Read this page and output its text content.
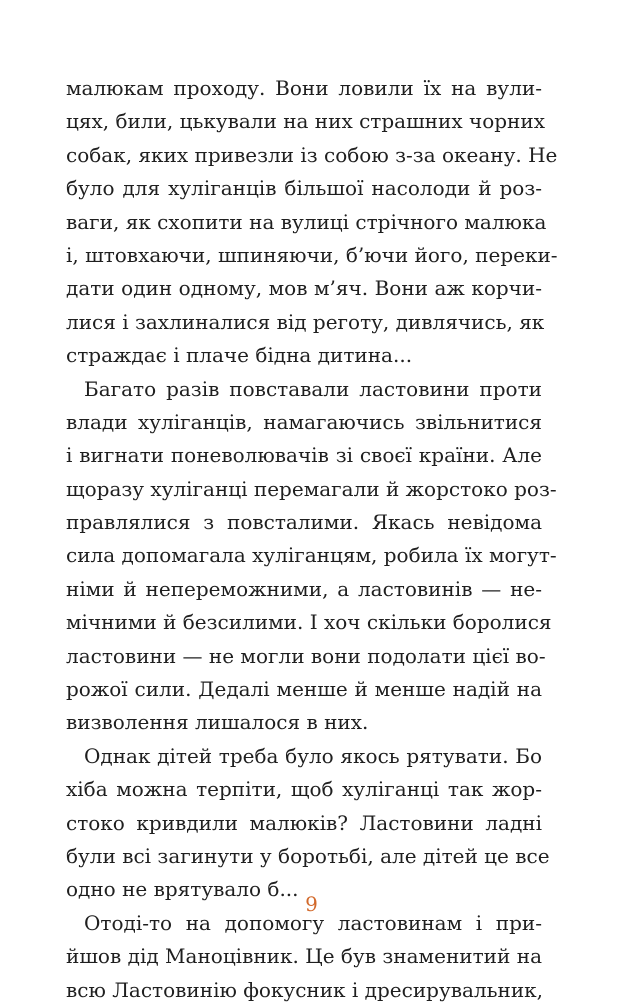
малюкам проходу. Вони ловили їх на вули-
цях, били, цькували на них страшних чорних
собак, яких привезли із собою з-за океану. Не
було для хуліганців більшої насолоди й роз-
ваги, як схопити на вулиці стрічного малюка
і, штовхаючи, шпиняючи, б’ючи його, переки-
дати один одному, мов м’яч. Вони аж корчи-
лися і захлиналися від реготу, дивлячись, як
страждає і плаче бідна дитина...
Багато разів повставали ластовини проти
влади хуліганців, намагаючись звільнитися
і вигнати поневолювачів зі своєї країни. Але
щоразу хуліганці перемагали й жорстоко роз-
правлялися з повсталими. Якась невідома
сила допомагала хуліганцям, робила їх могут-
німи й непереможними, а ластовинів — не-
мічними й безсилими. І хоч скільки боролися
ластовини — не могли вони подолати цієї во-
рожої сили. Дедалі менше й менше надій на
визволення лишалося в них.
Однак дітей треба було якось рятувати. Бо
хіба можна терпіти, щоб хуліганці так жор-
стоко кривдили малюків? Ластовини ладні
були всі загинути у боротьбі, але дітей це все
одно не врятувало б...
Отоді-то на допомогу ластовинам і при-
йшов дід Маноцівник. Це був знаменитий на
всю Ластовинію фокусник і дресирувальник,
9
